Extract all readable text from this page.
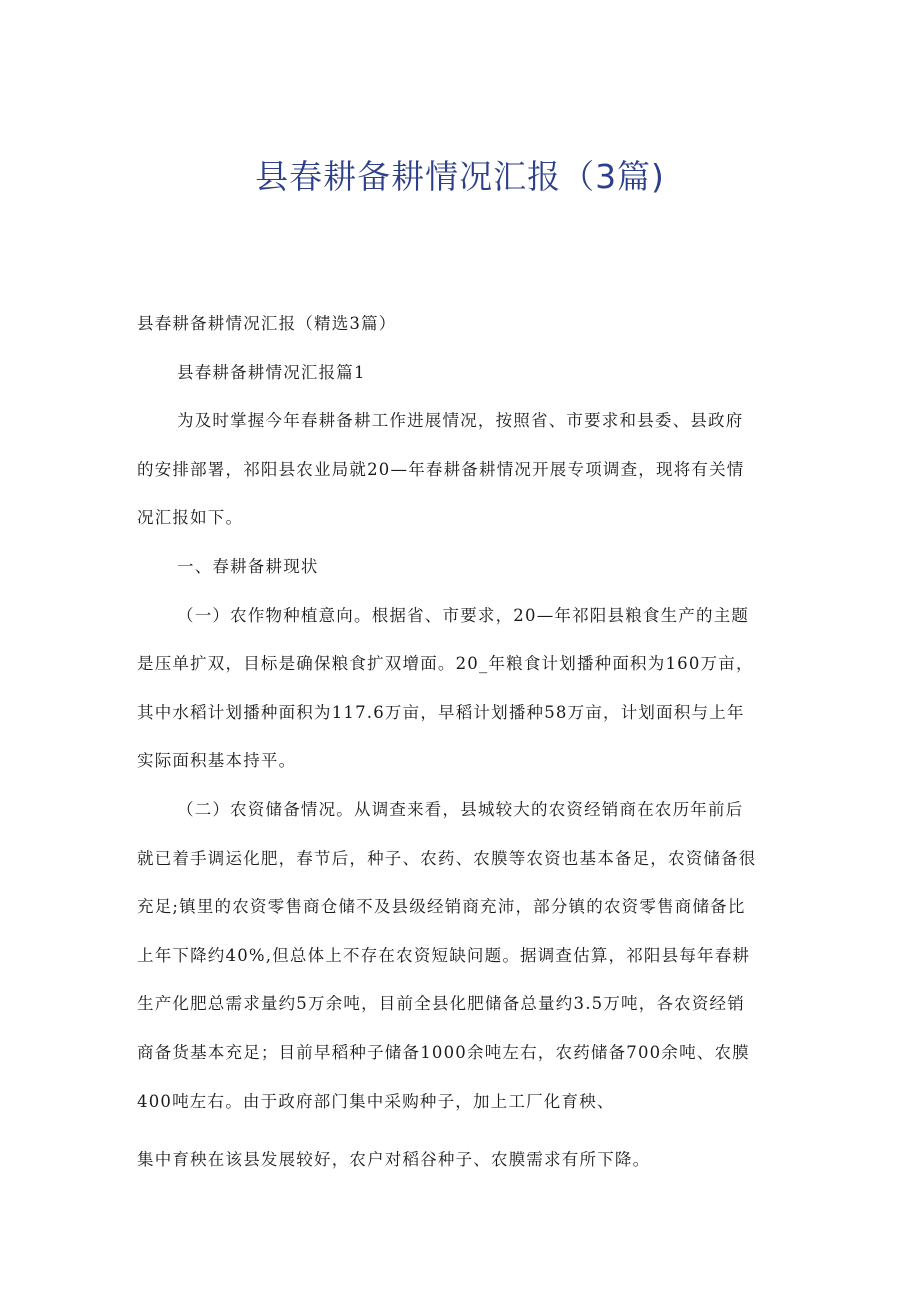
县春耕备耕情况汇报（3篇)
县春耕备耕情况汇报（精选3篇）
县春耕备耕情况汇报篇1
为及时掌握今年春耕备耕工作进展情况，按照省、市要求和县委、县政府
的安排部署，祁阳县农业局就20—年春耕备耕情况开展专项调查，现将有关情
况汇报如下。
一、春耕备耕现状
（一）农作物种植意向。根据省、市要求，20—年祁阳县粮食生产的主题
是压单扩双，目标是确保粮食扩双增面。20_年粮食计划播种面积为160万亩，
其中水稻计划播种面积为117.6万亩，早稻计划播种58万亩，计划面积与上年
实际面积基本持平。
（二）农资储备情况。从调查来看，县城较大的农资经销商在农历年前后
就已着手调运化肥，春节后，种子、农药、农膜等农资也基本备足，农资储备很
充足;镇里的农资零售商仓储不及县级经销商充沛，部分镇的农资零售商储备比
上年下降约40%,但总体上不存在农资短缺问题。据调查估算，祁阳县每年春耕
生产化肥总需求量约5万余吨，目前全县化肥储备总量约3.5万吨，各农资经销
商备货基本充足；目前早稻种子储备1000余吨左右，农药储备700余吨、农膜
400吨左右。由于政府部门集中采购种子，加上工厂化育秧、
集中育秧在该县发展较好，农户对稻谷种子、农膜需求有所下降。
